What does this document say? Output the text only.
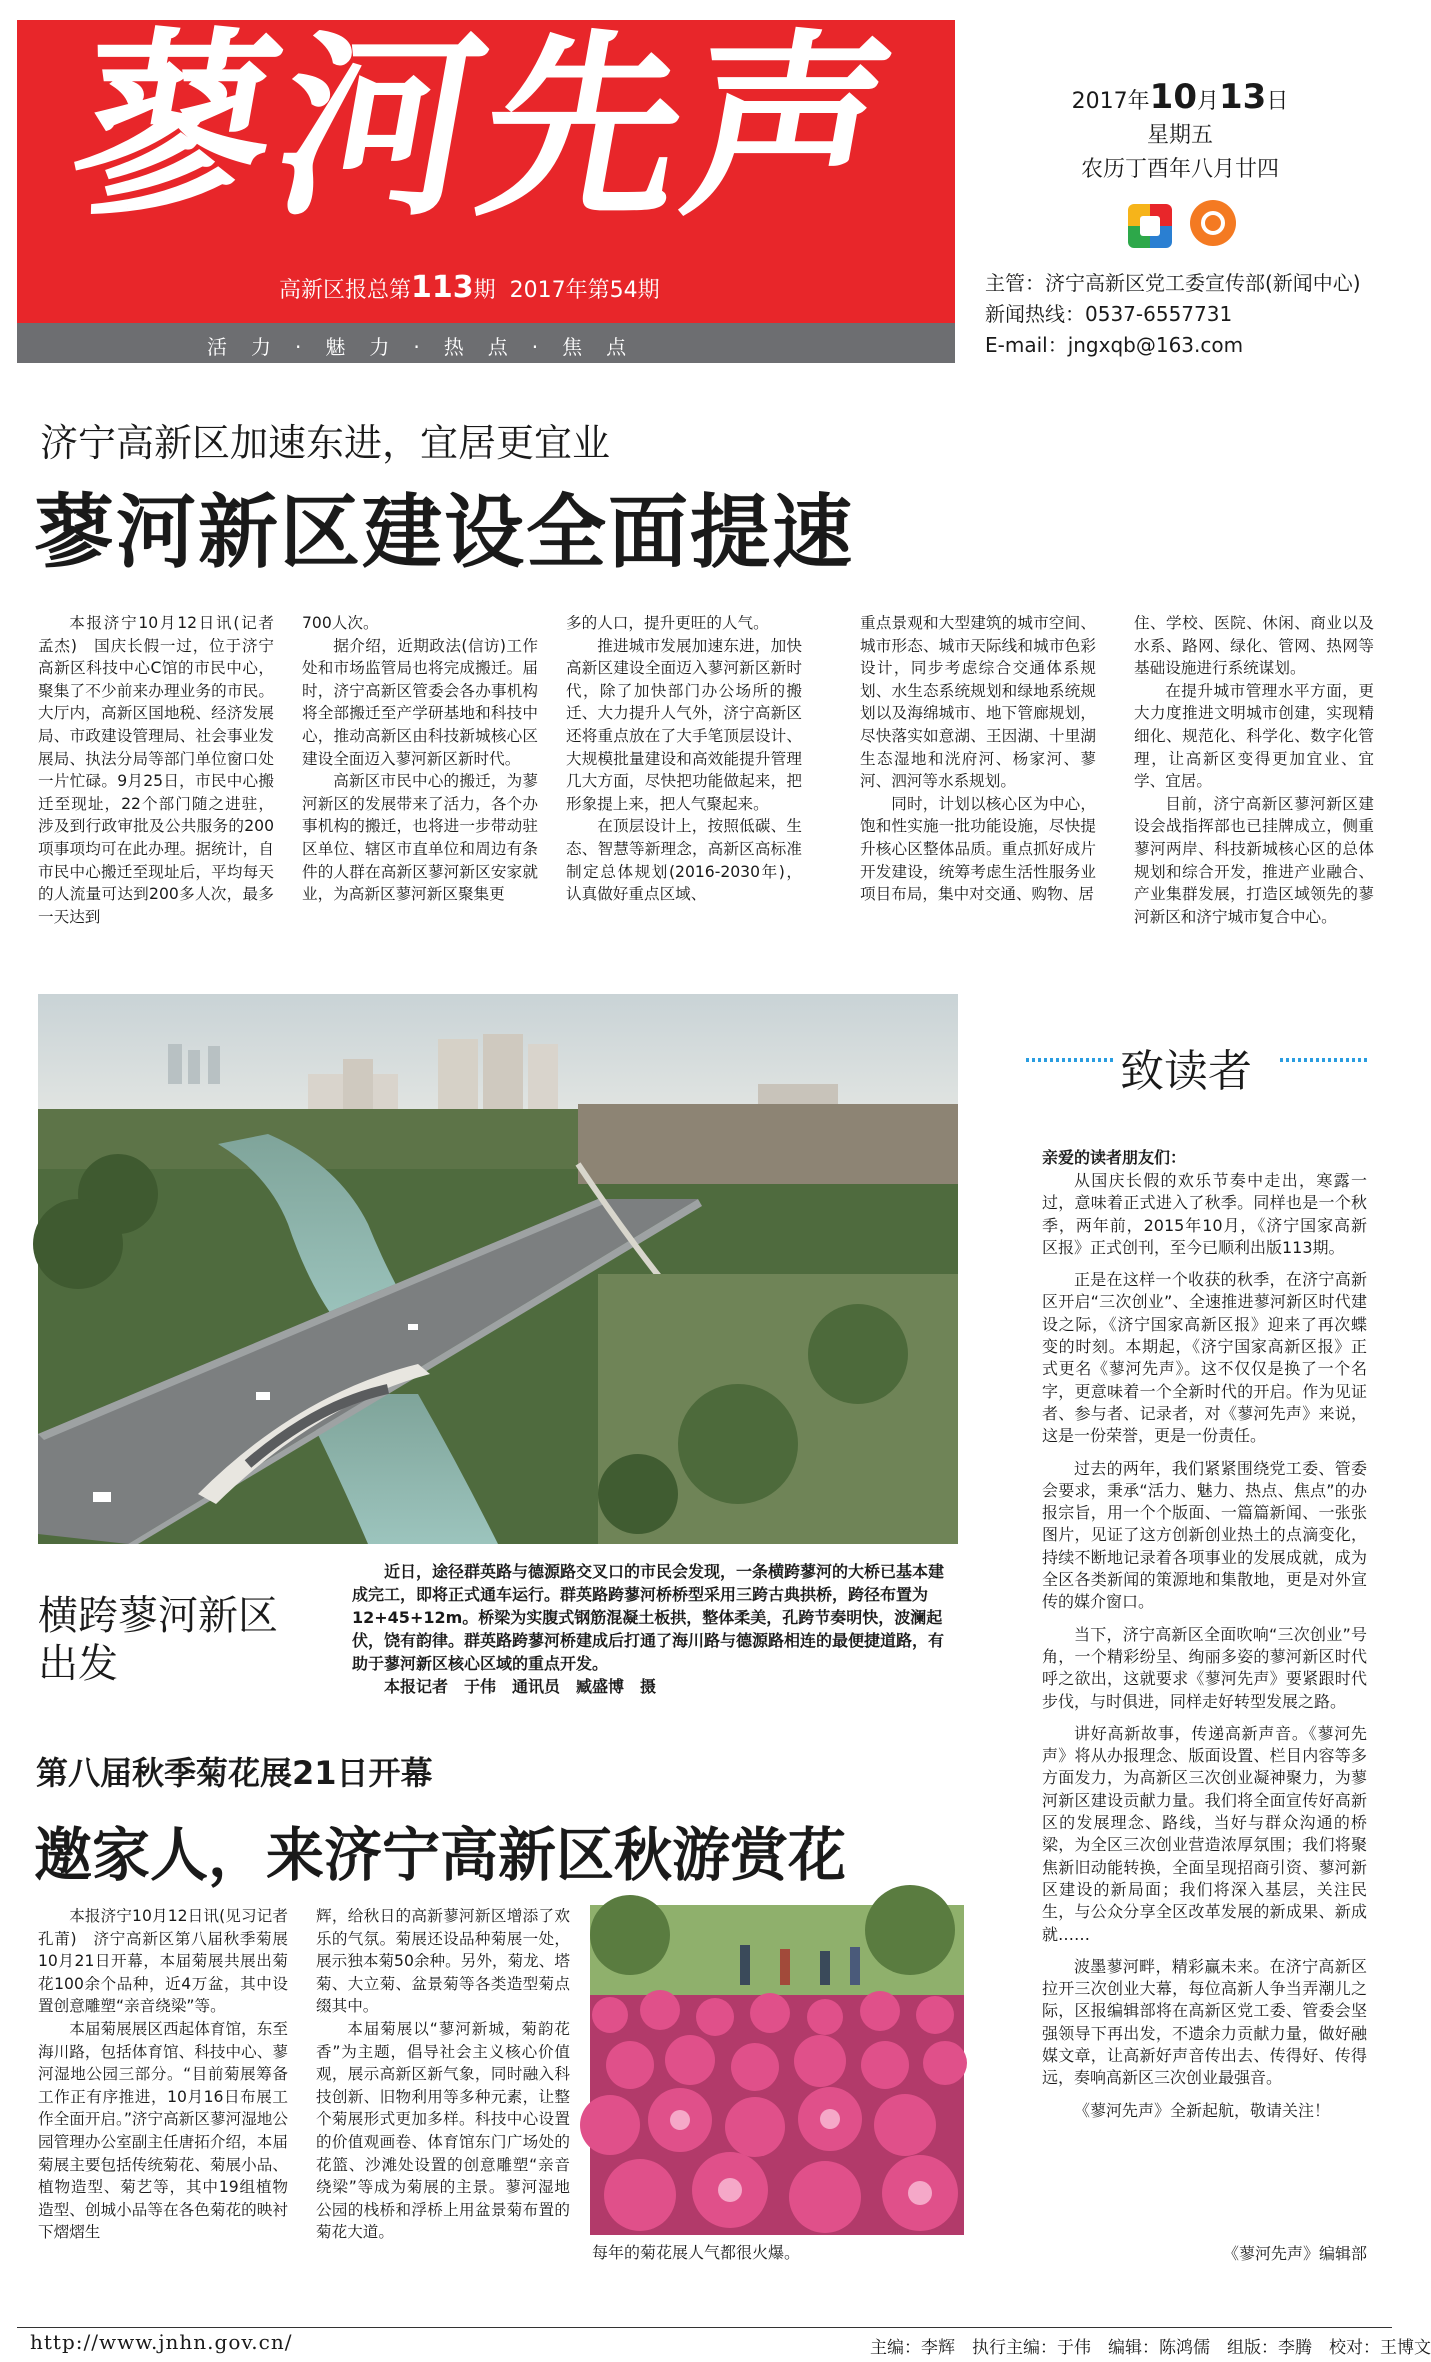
蓼河先声
高新区报总第113期 2017年第54期
活　力　·　魅　力　·　热　点　·　焦　点
2017年10月13日
星期五
农历丁酉年八月廿四
主管：济宁高新区党工委宣传部(新闻中心)
新闻热线：0537-6557731
E-mail：jngxqb@163.com
济宁高新区加速东进，宜居更宜业
蓼河新区建设全面提速

本报济宁10月12日讯(记者　孟杰)　国庆长假一过，位于济宁高新区科技中心C馆的市民中心，聚集了不少前来办理业务的市民。大厅内，高新区国地税、经济发展局、市政建设管理局、社会事业发展局、执法分局等部门单位窗口处一片忙碌。9月25日，市民中心搬迁至现址，22个部门随之进驻，涉及到行政审批及公共服务的200项事项均可在此办理。据统计，自市民中心搬迁至现址后，平均每天的人流量可达到200多人次，最多一天达到

700人次。

据介绍，近期政法(信访)工作处和市场监管局也将完成搬迁。届时，济宁高新区管委会各办事机构将全部搬迁至产学研基地和科技中心，推动高新区由科技新城核心区建设全面迈入蓼河新区新时代。

高新区市民中心的搬迁，为蓼河新区的发展带来了活力，各个办事机构的搬迁，也将进一步带动驻区单位、辖区市直单位和周边有条件的人群在高新区蓼河新区安家就业，为高新区蓼河新区聚集更

多的人口，提升更旺的人气。

推进城市发展加速东进，加快高新区建设全面迈入蓼河新区新时代，除了加快部门办公场所的搬迁、大力提升人气外，济宁高新区还将重点放在了大手笔顶层设计、大规模批量建设和高效能提升管理几大方面，尽快把功能做起来，把形象提上来，把人气聚起来。

在顶层设计上，按照低碳、生态、智慧等新理念，高新区高标准制定总体规划(2016-2030年)，认真做好重点区域、

重点景观和大型建筑的城市空间、城市形态、城市天际线和城市色彩设计，同步考虑综合交通体系规划、水生态系统规划和绿地系统规划以及海绵城市、地下管廊规划，尽快落实如意湖、王因湖、十里湖生态湿地和洸府河、杨家河、蓼河、泗河等水系规划。

同时，计划以核心区为中心，饱和性实施一批功能设施，尽快提升核心区整体品质。重点抓好成片开发建设，统筹考虑生活性服务业项目布局，集中对交通、购物、居

住、学校、医院、休闲、商业以及水系、路网、绿化、管网、热网等基础设施进行系统谋划。

在提升城市管理水平方面，更大力度推进文明城市创建，实现精细化、规范化、科学化、数字化管理，让高新区变得更加宜业、宜学、宜居。

目前，济宁高新区蓼河新区建设会战指挥部也已挂牌成立，侧重蓼河两岸、科技新城核心区的总体规划和综合开发，推进产业融合、产业集群发展，打造区域领先的蓼河新区和济宁城市复合中心。

横跨蓼河新区出发
近日，途径群英路与德源路交叉口的市民会发现，一条横跨蓼河的大桥已基本建成完工，即将正式通车运行。群英路跨蓼河桥桥型采用三跨古典拱桥，跨径布置为12+45+12m。桥梁为实腹式钢筋混凝土板拱，整体柔美，孔跨节奏明快，波澜起伏，饶有韵律。群英路跨蓼河桥建成后打通了海川路与德源路相连的最便捷道路，有助于蓼河新区核心区域的重点开发。
本报记者　于伟　通讯员　臧盛博　摄
致读者
亲爱的读者朋友们：

从国庆长假的欢乐节奏中走出，寒露一过，意味着正式进入了秋季。同样也是一个秋季，两年前，2015年10月，《济宁国家高新区报》正式创刊，至今已顺利出版113期。

正是在这样一个收获的秋季，在济宁高新区开启“三次创业”、全速推进蓼河新区时代建设之际，《济宁国家高新区报》迎来了再次蝶变的时刻。本期起，《济宁国家高新区报》正式更名《蓼河先声》。这不仅仅是换了一个名字，更意味着一个全新时代的开启。作为见证者、参与者、记录者，对《蓼河先声》来说，这是一份荣誉，更是一份责任。

过去的两年，我们紧紧围绕党工委、管委会要求，秉承“活力、魅力、热点、焦点”的办报宗旨，用一个个版面、一篇篇新闻、一张张图片，见证了这方创新创业热土的点滴变化，持续不断地记录着各项事业的发展成就，成为全区各类新闻的策源地和集散地，更是对外宣传的媒介窗口。

当下，济宁高新区全面吹响“三次创业”号角，一个精彩纷呈、绚丽多姿的蓼河新区时代呼之欲出，这就要求《蓼河先声》要紧跟时代步伐，与时俱进，同样走好转型发展之路。

讲好高新故事，传递高新声音。《蓼河先声》将从办报理念、版面设置、栏目内容等多方面发力，为高新区三次创业凝神聚力，为蓼河新区建设贡献力量。我们将全面宣传好高新区的发展理念、路线，当好与群众沟通的桥梁，为全区三次创业营造浓厚氛围；我们将聚焦新旧动能转换，全面呈现招商引资、蓼河新区建设的新局面；我们将深入基层，关注民生，与公众分享全区改革发展的新成果、新成就……

波墨蓼河畔，精彩赢未来。在济宁高新区拉开三次创业大幕，每位高新人争当弄潮儿之际，区报编辑部将在高新区党工委、管委会坚强领导下再出发，不遗余力贡献力量，做好融媒文章，让高新好声音传出去、传得好、传得远，奏响高新区三次创业最强音。

《蓼河先声》全新起航，敬请关注！

《蓼河先声》编辑部
第八届秋季菊花展21日开幕
邀家人，来济宁高新区秋游赏花

本报济宁10月12日讯(见习记者　孔莆)　济宁高新区第八届秋季菊展10月21日开幕，本届菊展共展出菊花100余个品种，近4万盆，其中设置创意雕塑“亲音绕梁”等。

本届菊展展区西起体育馆，东至海川路，包括体育馆、科技中心、蓼河湿地公园三部分。“目前菊展筹备工作正有序推进，10月16日布展工作全面开启。”济宁高新区蓼河湿地公园管理办公室副主任唐拓介绍，本届菊展主要包括传统菊花、菊展小品、植物造型、菊艺等，其中19组植物造型、创城小品等在各色菊花的映衬下熠熠生

辉，给秋日的高新蓼河新区增添了欢乐的气氛。菊展还设品种菊展一处，展示独本菊50余种。另外，菊龙、塔菊、大立菊、盆景菊等各类造型菊点缀其中。

本届菊展以“蓼河新城，菊韵花香”为主题，倡导社会主义核心价值观，展示高新区新气象，同时融入科技创新、旧物利用等多种元素，让整个菊展形式更加多样。科技中心设置的价值观画卷、体育馆东门广场处的花篮、沙滩处设置的创意雕塑“亲音绕梁”等成为菊展的主景。蓼河湿地公园的栈桥和浮桥上用盆景菊布置的菊花大道。

每年的菊花展人气都很火爆。
http://www.jnhn.gov.cn/	主编：李辉　执行主编：于伟　编辑：陈鸿儒　组版：李腾　校对：王博文
